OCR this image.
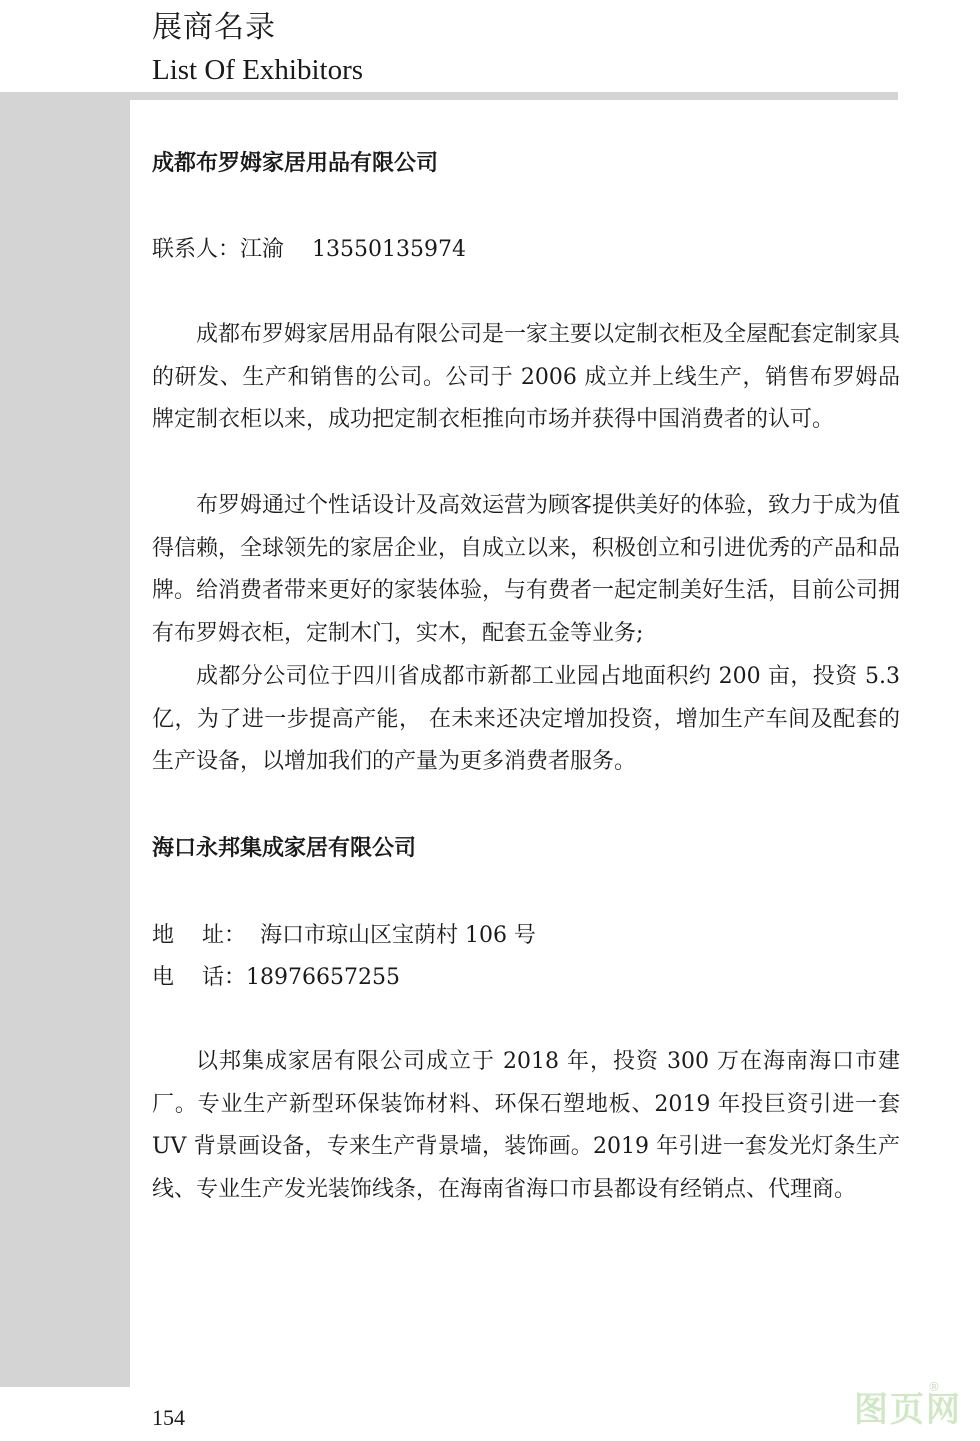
展商名录
List Of Exhibitors
成都布罗姆家居用品有限公司
联系人：江渝    13550135974
成都布罗姆家居用品有限公司是一家主要以定制衣柜及全屋配套定制家具的研发、生产和销售的公司。公司于 2006 成立并上线生产，销售布罗姆品牌定制衣柜以来，成功把定制衣柜推向市场并获得中国消费者的认可。
布罗姆通过个性话设计及高效运营为顾客提供美好的体验，致力于成为值得信赖，全球领先的家居企业，自成立以来，积极创立和引进优秀的产品和品牌。给消费者带来更好的家装体验，与有费者一起定制美好生活，目前公司拥有布罗姆衣柜，定制木门，实木，配套五金等业务;
成都分公司位于四川省成都市新都工业园占地面积约 200 亩，投资 5.3 亿，为了进一步提高产能， 在未来还决定增加投资，增加生产车间及配套的生产设备，以增加我们的产量为更多消费者服务。
海口永邦集成家居有限公司
地    址：  海口市琼山区宝荫村 106 号
电    话：18976657255
以邦集成家居有限公司成立于 2018 年，投资 300 万在海南海口市建厂。专业生产新型环保装饰材料、环保石塑地板、2019 年投巨资引进一套 UV 背景画设备，专来生产背景墙，装饰画。2019 年引进一套发光灯条生产线、专业生产发光装饰线条，在海南省海口市县都设有经销点、代理商。
154	图页网
®
